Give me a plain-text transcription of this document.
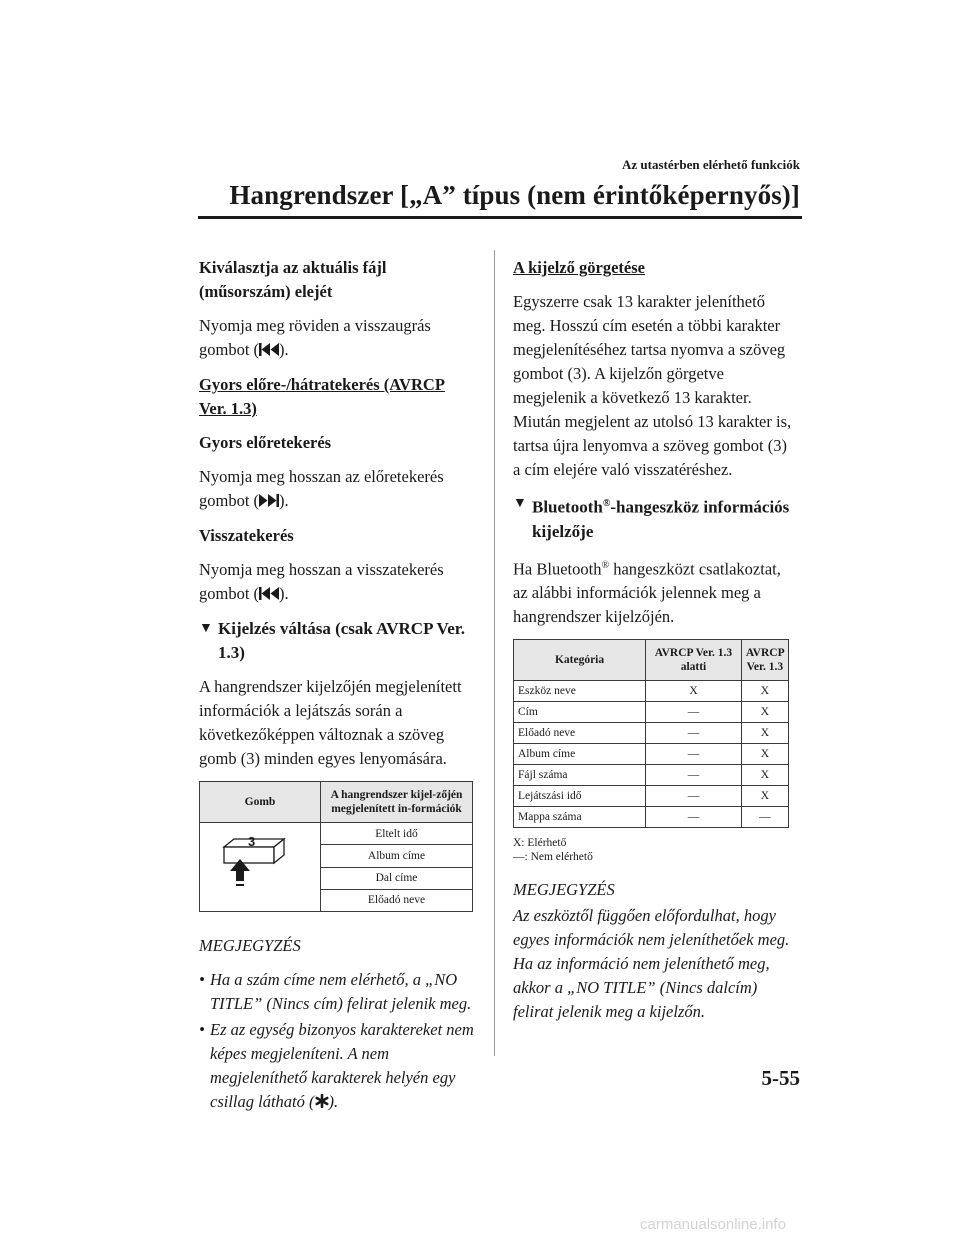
Az utastérben elérhető funkciók
Hangrendszer [„A” típus (nem érintőképernyős)]
Kiválasztja az aktuális fájl (műsorszám) elejét
Nyomja meg röviden a visszaugrás gombot ( ).
Gyors előre-/hátratekerés (AVRCP Ver. 1.3)
Gyors előretekerés
Nyomja meg hosszan az előretekerés gombot ( ).
Visszatekerés
Nyomja meg hosszan a visszatekerés gombot ( ).
▼ Kijelzés váltása (csak AVRCP Ver. 1.3)
A hangrendszer kijelzőjén megjelenített információk a lejátszás során a következőképpen változnak a szöveg gomb (3) minden egyes lenyomására.
Gomb	A hangrendszer kijel-zőjén megjelenített in-formációk

3	Eltelt idő
	Album címe
	Dal címe
	Előadó neve
MEGJEGYZÉS
• Ha a szám címe nem elérhető, a „NO TITLE” (Nincs cím) felirat jelenik meg.
• Ez az egység bizonyos karaktereket nem képes megjeleníteni. A nem megjeleníthető karakterek helyén egy csillag látható ( ).
A kijelző görgetése
Egyszerre csak 13 karakter jeleníthető meg. Hosszú cím esetén a többi karakter megjelenítéséhez tartsa nyomva a szöveg gombot (3). A kijelzőn görgetve megjelenik a következő 13 karakter. Miután megjelent az utolsó 13 karakter is, tartsa újra lenyomva a szöveg gombot (3) a cím elejére való visszatéréshez.
▼ Bluetooth®-hangeszköz információs kijelzője
Ha Bluetooth® hangeszközt csatlakoztat, az alábbi információk jelennek meg a hangrendszer kijelzőjén.
Kategória	AVRCP Ver. 1.3 alatti	AVRCP Ver. 1.3
Eszköz neve	X	X
Cím	—	X
Előadó neve	—	X
Album címe	—	X
Fájl száma	—	X
Lejátszási idő	—	X
Mappa száma	—	—
X: Elérhető
—: Nem elérhető
MEGJEGYZÉS
Az eszköztől függően előfordulhat, hogy egyes információk nem jeleníthetőek meg. Ha az információ nem jeleníthető meg, akkor a „NO TITLE” (Nincs dalcím) felirat jelenik meg a kijelzőn.
5-55
carmanualsonline.info
